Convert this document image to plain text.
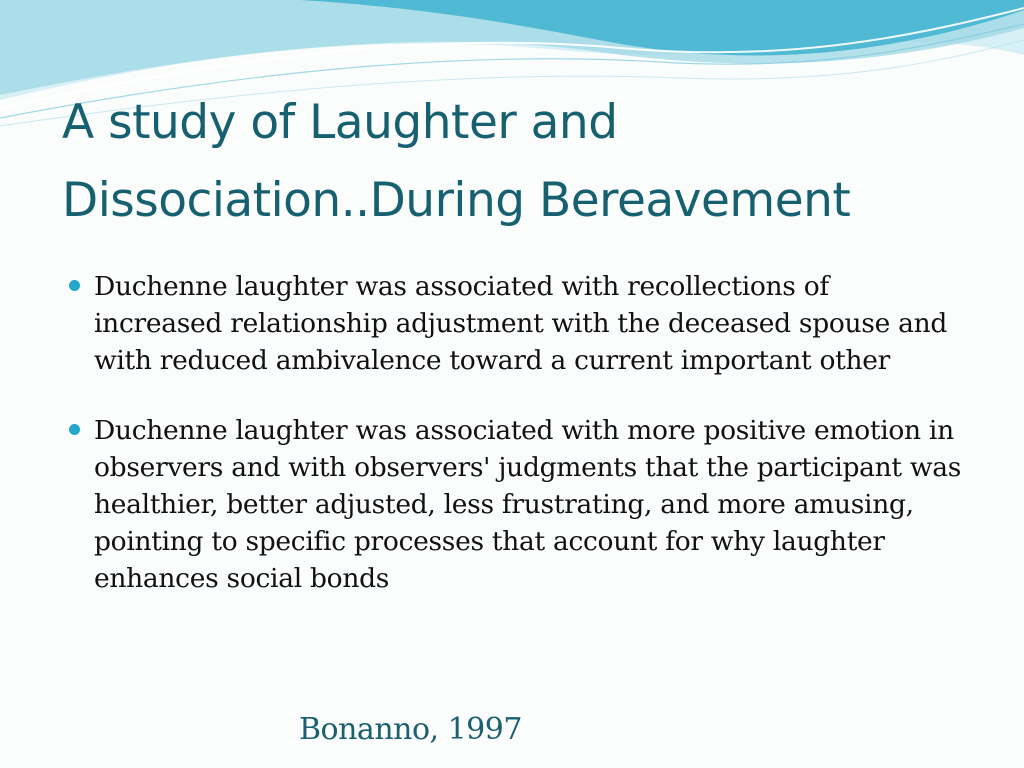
A study of Laughter and
Dissociation..During Bereavement
Duchenne laughter was associated with recollections of increased relationship adjustment with the deceased spouse and with reduced ambivalence toward a current important other
Duchenne laughter was associated with more positive emotion in observers and with observers' judgments that the participant was healthier, better adjusted, less frustrating, and more amusing, pointing to specific processes that account for why laughter enhances social bonds

Bonanno, 1997
